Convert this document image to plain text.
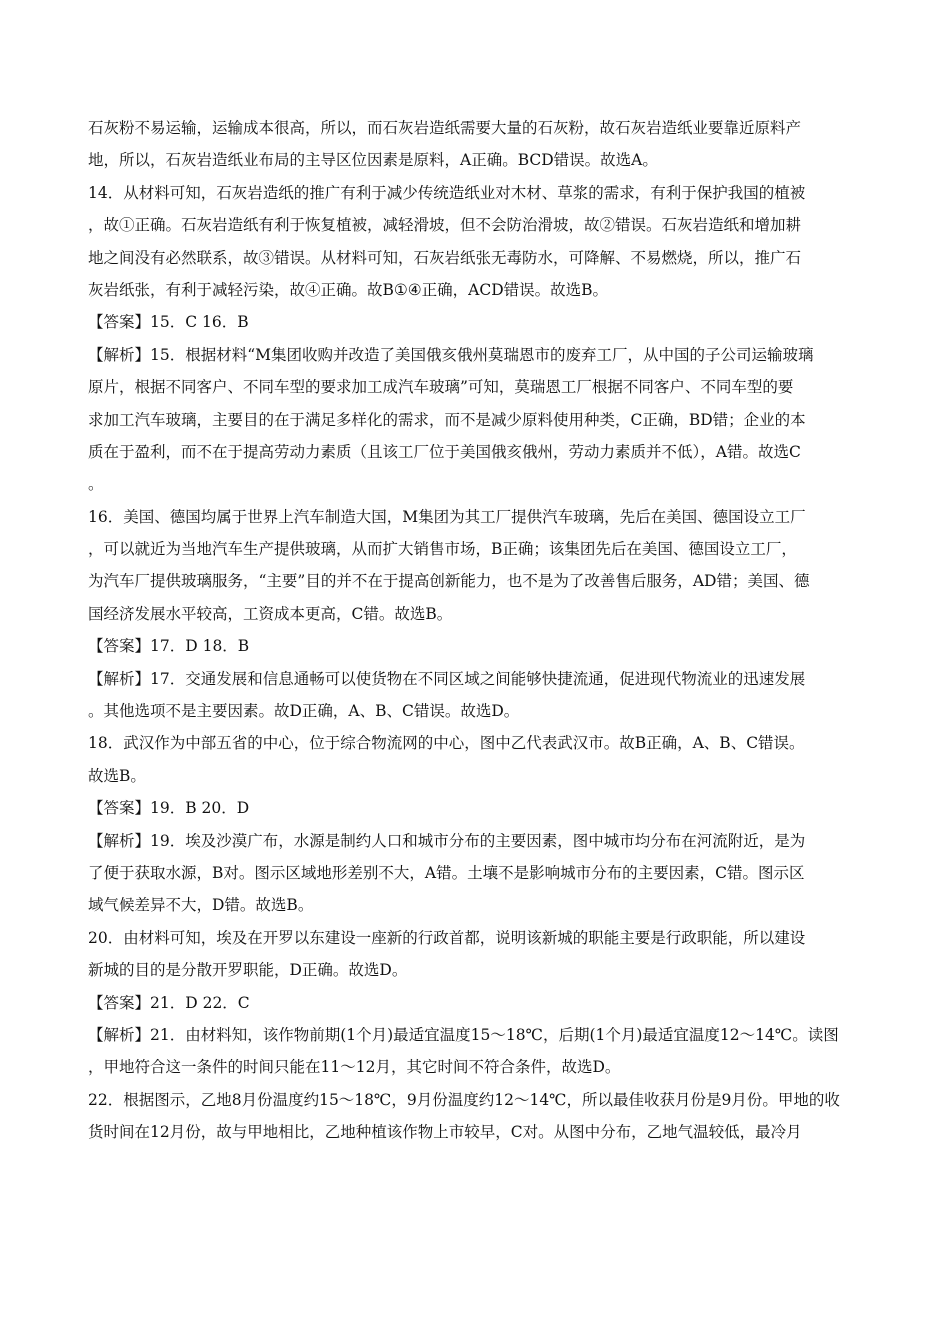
石灰粉不易运输，运输成本很高，所以，而石灰岩造纸需要大量的石灰粉，故石灰岩造纸业要靠近原料产
地，所以，石灰岩造纸业布局的主导区位因素是原料，A正确。BCD错误。故选A。
14．从材料可知，石灰岩造纸的推广有利于减少传统造纸业对木材、草浆的需求，有利于保护我国的植被
，故①正确。石灰岩造纸有利于恢复植被，减轻滑坡，但不会防治滑坡，故②错误。石灰岩造纸和增加耕
地之间没有必然联系，故③错误。从材料可知，石灰岩纸张无毒防水，可降解、不易燃烧，所以，推广石
灰岩纸张，有利于减轻污染，故④正确。故B①④正确，ACD错误。故选B。
【答案】15．C 16．B
【解析】15．根据材料“M集团收购并改造了美国俄亥俄州莫瑞恩市的废弃工厂，从中国的子公司运输玻璃
原片，根据不同客户、不同车型的要求加工成汽车玻璃”可知，莫瑞恩工厂根据不同客户、不同车型的要
求加工汽车玻璃，主要目的在于满足多样化的需求，而不是减少原料使用种类，C正确，BD错；企业的本
质在于盈利，而不在于提高劳动力素质（且该工厂位于美国俄亥俄州，劳动力素质并不低），A错。故选C
。
16．美国、德国均属于世界上汽车制造大国，M集团为其工厂提供汽车玻璃，先后在美国、德国设立工厂
，可以就近为当地汽车生产提供玻璃，从而扩大销售市场，B正确；该集团先后在美国、德国设立工厂，
为汽车厂提供玻璃服务，“主要”目的并不在于提高创新能力，也不是为了改善售后服务，AD错；美国、德
国经济发展水平较高，工资成本更高，C错。故选B。
【答案】17．D 18．B
【解析】17．交通发展和信息通畅可以使货物在不同区域之间能够快捷流通，促进现代物流业的迅速发展
。其他选项不是主要因素。故D正确，A、B、C错误。故选D。
18．武汉作为中部五省的中心，位于综合物流网的中心，图中乙代表武汉市。故B正确，A、B、C错误。
故选B。
【答案】19．B 20．D
【解析】19．埃及沙漠广布，水源是制约人口和城市分布的主要因素，图中城市均分布在河流附近，是为
了便于获取水源，B对。图示区域地形差别不大，A错。土壤不是影响城市分布的主要因素，C错。图示区
域气候差异不大，D错。故选B。
20．由材料可知，埃及在开罗以东建设一座新的行政首都，说明该新城的职能主要是行政职能，所以建设
新城的目的是分散开罗职能，D正确。故选D。
【答案】21．D 22．C
【解析】21．由材料知，该作物前期(1个月)最适宜温度15～18℃，后期(1个月)最适宜温度12～14℃。读图
，甲地符合这一条件的时间只能在11～12月，其它时间不符合条件，故选D。
22．根据图示，乙地8月份温度约15～18℃，9月份温度约12～14℃，所以最佳收获月份是9月份。甲地的收
货时间在12月份，故与甲地相比，乙地种植该作物上市较早，C对。从图中分布，乙地气温较低，最冷月
